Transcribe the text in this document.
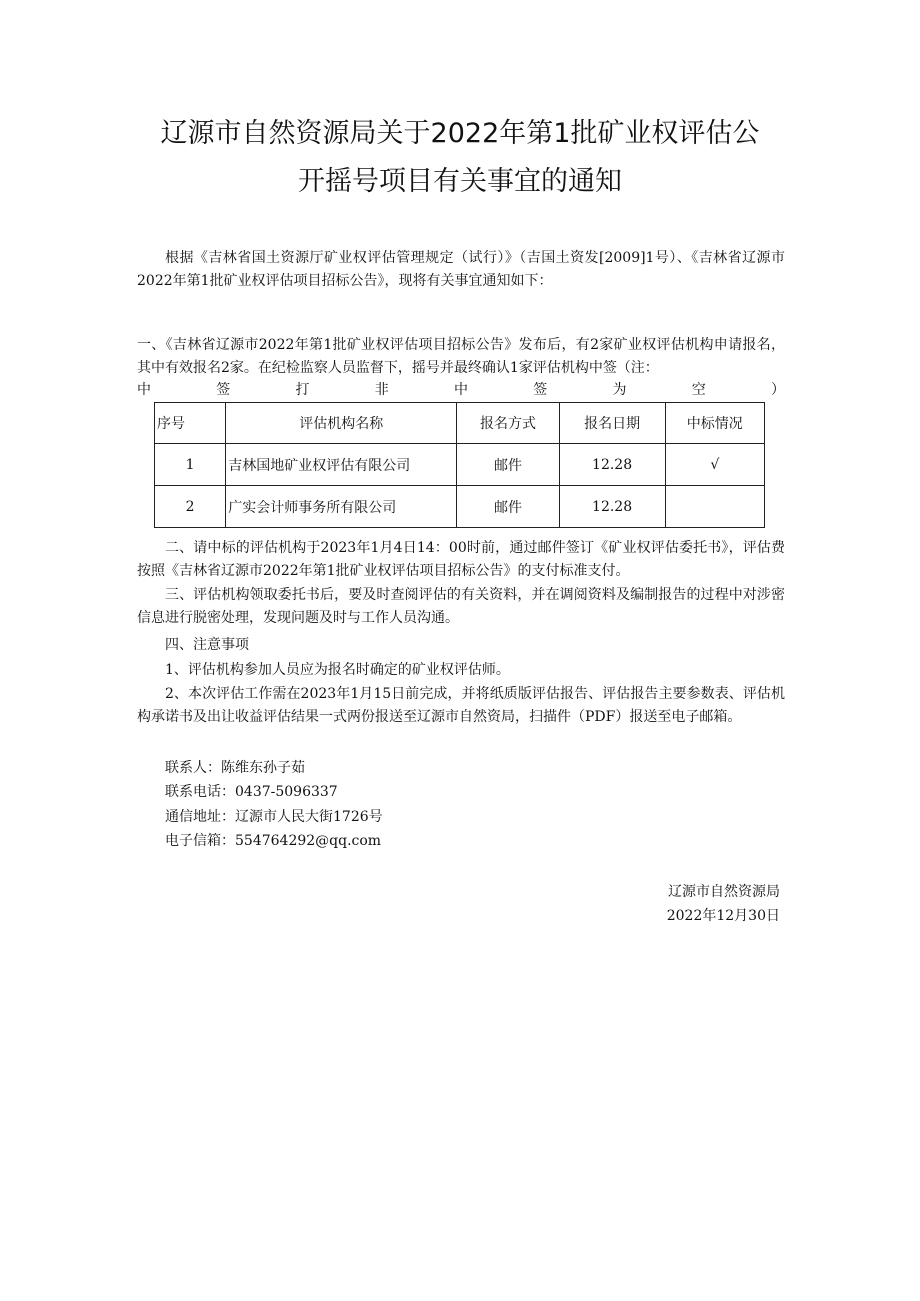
辽源市自然资源局关于2022年第1批矿业权评估公
开摇号项目有关事宜的通知

根据《吉林省国土资源厅矿业权评估管理规定（试行）》（吉国土资发[2009]1号）、《吉林省辽源市2022年第1批矿业权评估项目招标公告》，现将有关事宜通知如下：

一、《吉林省辽源市2022年第1批矿业权评估项目招标公告》发布后，有2家矿业权评估机构申请报名，其中有效报名2家。在纪检监察人员监督下，摇号并最终确认1家评估机构中签（注：

中	签	打	非	中	签	为	空	）
序号	评估机构名称	报名方式	报名日期	中标情况
1	吉林国地矿业权评估有限公司	邮件	12.28	√
2	广实会计师事务所有限公司	邮件	12.28	

二、请中标的评估机构于2023年1月4日14：00时前，通过邮件签订《矿业权评估委托书》，评估费按照《吉林省辽源市2022年第1批矿业权评估项目招标公告》的支付标准支付。

三、评估机构领取委托书后，要及时查阅评估的有关资料，并在调阅资料及编制报告的过程中对涉密信息进行脱密处理，发现问题及时与工作人员沟通。

四、注意事项
1、评估机构参加人员应为报名时确定的矿业权评估师。

2、本次评估工作需在2023年1月15日前完成，并将纸质版评估报告、评估报告主要参数表、评估机构承诺书及出让收益评估结果一式两份报送至辽源市自然资局，扫描件（PDF）报送至电子邮箱。

联系人：陈维东孙子茹
联系电话：0437-5096337
通信地址：辽源市人民大街1726号
电子信箱：554764292@qq.com
辽源市自然资源局
2022年12月30日
